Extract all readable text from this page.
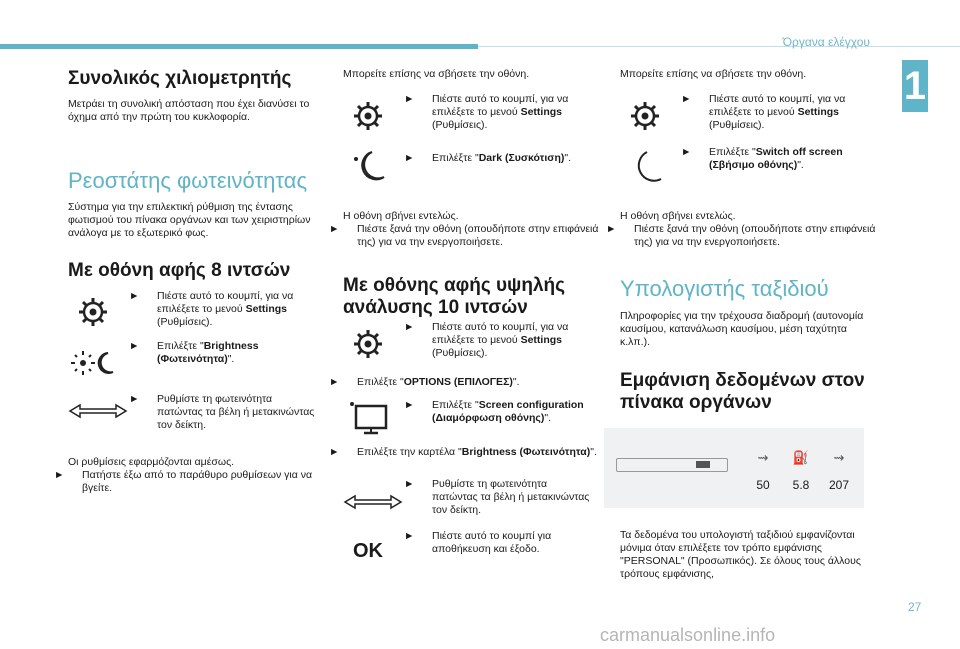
Όργανα ελέγχου
1
Συνολικός χιλιομετρητής

Μετράει τη συνολική απόσταση που έχει διανύσει το όχημα από την πρώτη του κυκλοφορία.

Ρεοστάτης φωτεινότητας

Σύστημα για την επιλεκτική ρύθμιση της έντασης φωτισμού του πίνακα οργάνων και των χειριστηρίων ανάλογα με το εξωτερικό φως.

Με οθόνη αφής 8 ιντσών
► Πιέστε αυτό το κουμπί, για να επιλέξετε το μενού Settings (Ρυθμίσεις).
► Επιλέξτε "Brightness (Φωτεινότητα)".
► Ρυθμίστε τη φωτεινότητα πατώντας τα βέλη ή μετακινώντας τον δείκτη.

Οι ρυθμίσεις εφαρμόζονται αμέσως.

► Πατήστε έξω από το παράθυρο ρυθμίσεων για να βγείτε.

Μπορείτε επίσης να σβήσετε την οθόνη.

► Πιέστε αυτό το κουμπί, για να επιλέξετε το μενού Settings (Ρυθμίσεις).
► Επιλέξτε "Dark (Συσκότιση)".

Η οθόνη σβήνει εντελώς.

► Πιέστε ξανά την οθόνη (οπουδήποτε στην επιφάνειά της) για να την ενεργοποιήσετε.

Με οθόνης αφής υψηλής ανάλυσης 10 ιντσών
► Πιέστε αυτό το κουμπί, για να επιλέξετε το μενού Settings (Ρυθμίσεις).

► Επιλέξτε "OPTIONS (ΕΠΙΛΟΓΕΣ)".

► Επιλέξτε "Screen configuration (Διαμόρφωση οθόνης)".

► Επιλέξτε την καρτέλα "Brightness (Φωτεινότητα)".

► Ρυθμίστε τη φωτεινότητα πατώντας τα βέλη ή μετακινώντας τον δείκτη.
OK
► Πιέστε αυτό το κουμπί για αποθήκευση και έξοδο.

Μπορείτε επίσης να σβήσετε την οθόνη.

► Πιέστε αυτό το κουμπί, για να επιλέξετε το μενού Settings (Ρυθμίσεις).
► Επιλέξτε "Switch off screen (Σβήσιμο οθόνης)".

Η οθόνη σβήνει εντελώς.

► Πιέστε ξανά την οθόνη (οπουδήποτε στην επιφάνειά της) για να την ενεργοποιήσετε.

Υπολογιστής ταξιδιού

Πληροφορίες για την τρέχουσα διαδρομή (αυτονομία καυσίμου, κατανάλωση καυσίμου, μέση ταχύτητα κ.λπ.).

Εμφάνιση δεδομένων στον πίνακα οργάνων

Τα δεδομένα του υπολογιστή ταξιδιού εμφανίζονται μόνιμα όταν επιλέξετε τον τρόπο εμφάνισης "PERSONAL" (Προσωπικός). Σε όλους τους άλλους τρόπους εμφάνισης,

⇝ ⛽ ⇝
50 5.8 207
27
carmanualsonline.info
